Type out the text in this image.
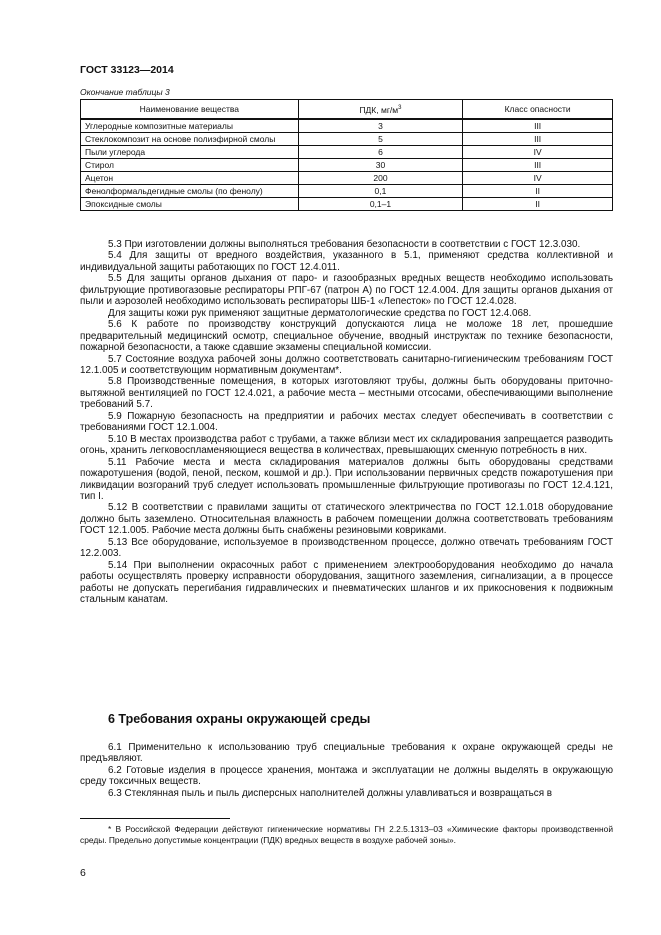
ГОСТ 33123—2014
Окончание таблицы 3
Наименование вещества	ПДК, $мг/м^3$	Класс опасности
Углеродные композитные материалы	3	III
Стеклокомпозит на основе полиэфирной смолы	5	III
Пыли углерода	6	IV
Стирол	30	III
Ацетон	200	IV
Фенолформальдегидные смолы (по фенолу)	0,1	II
Эпоксидные смолы	0,1–1	II

5.3 При изготовлении должны выполняться требования безопасности в соответствии с ГОСТ 12.3.030.

5.4 Для защиты от вредного воздействия, указанного в 5.1, применяют средства коллективной и индивидуальной защиты работающих по ГОСТ 12.4.011.

5.5 Для защиты органов дыхания от паро- и газообразных вредных веществ необходимо использовать фильтрующие противогазовые респираторы РПГ-67 (патрон А) по ГОСТ 12.4.004. Для защиты органов дыхания от пыли и аэрозолей необходимо использовать респираторы ШБ-1 «Лепесток» по ГОСТ 12.4.028.

Для защиты кожи рук применяют защитные дерматологические средства по ГОСТ 12.4.068.

5.6 К работе по производству конструкций допускаются лица не моложе 18 лет, прошедшие предварительный медицинский осмотр, специальное обучение, вводный инструктаж по технике безопасности, пожарной безопасности, а также сдавшие экзамены специальной комиссии.

5.7 Состояние воздуха рабочей зоны должно соответствовать санитарно-гигиеническим требованиям ГОСТ 12.1.005 и соответствующим нормативным документам*.

5.8 Производственные помещения, в которых изготовляют трубы, должны быть оборудованы приточно-вытяжной вентиляцией по ГОСТ 12.4.021, а рабочие места – местными отсосами, обеспечивающими выполнение требований 5.7.

5.9 Пожарную безопасность на предприятии и рабочих местах следует обеспечивать в соответствии с требованиями ГОСТ 12.1.004.

5.10 В местах производства работ с трубами, а также вблизи мест их складирования запрещается разводить огонь, хранить легковоспламеняющиеся вещества в количествах, превышающих сменную потребность в них.

5.11 Рабочие места и места складирования материалов должны быть оборудованы средствами пожаротушения (водой, пеной, песком, кошмой и др.). При использовании первичных средств пожаротушения при ликвидации возгораний труб следует использовать промышленные фильтрующие противогазы по ГОСТ 12.4.121, тип I.

5.12 В соответствии с правилами защиты от статического электричества по ГОСТ 12.1.018 оборудование должно быть заземлено. Относительная влажность в рабочем помещении должна соответствовать требованиям ГОСТ 12.1.005. Рабочие места должны быть снабжены резиновыми ковриками.

5.13 Все оборудование, используемое в производственном процессе, должно отвечать требованиям ГОСТ 12.2.003.

5.14 При выполнении окрасочных работ с применением электрооборудования необходимо до начала работы осуществлять проверку исправности оборудования, защитного заземления, сигнализации, а в процессе работы не допускать перегибания гидравлических и пневматических шлангов и их прикосновения к подвижным стальным канатам.

6 Требования охраны окружающей среды

6.1 Применительно к использованию труб специальные требования к охране окружающей среды не предъявляют.

6.2 Готовые изделия в процессе хранения, монтажа и эксплуатации не должны выделять в окружающую среду токсичных веществ.

6.3 Стеклянная пыль и пыль дисперсных наполнителей должны улавливаться и возвращаться в

* В Российской Федерации действуют гигиенические нормативы ГН 2.2.5.1313–03 «Химические факторы производственной среды. Предельно допустимые концентрации (ПДК) вредных веществ в воздухе рабочей зоны».

6
